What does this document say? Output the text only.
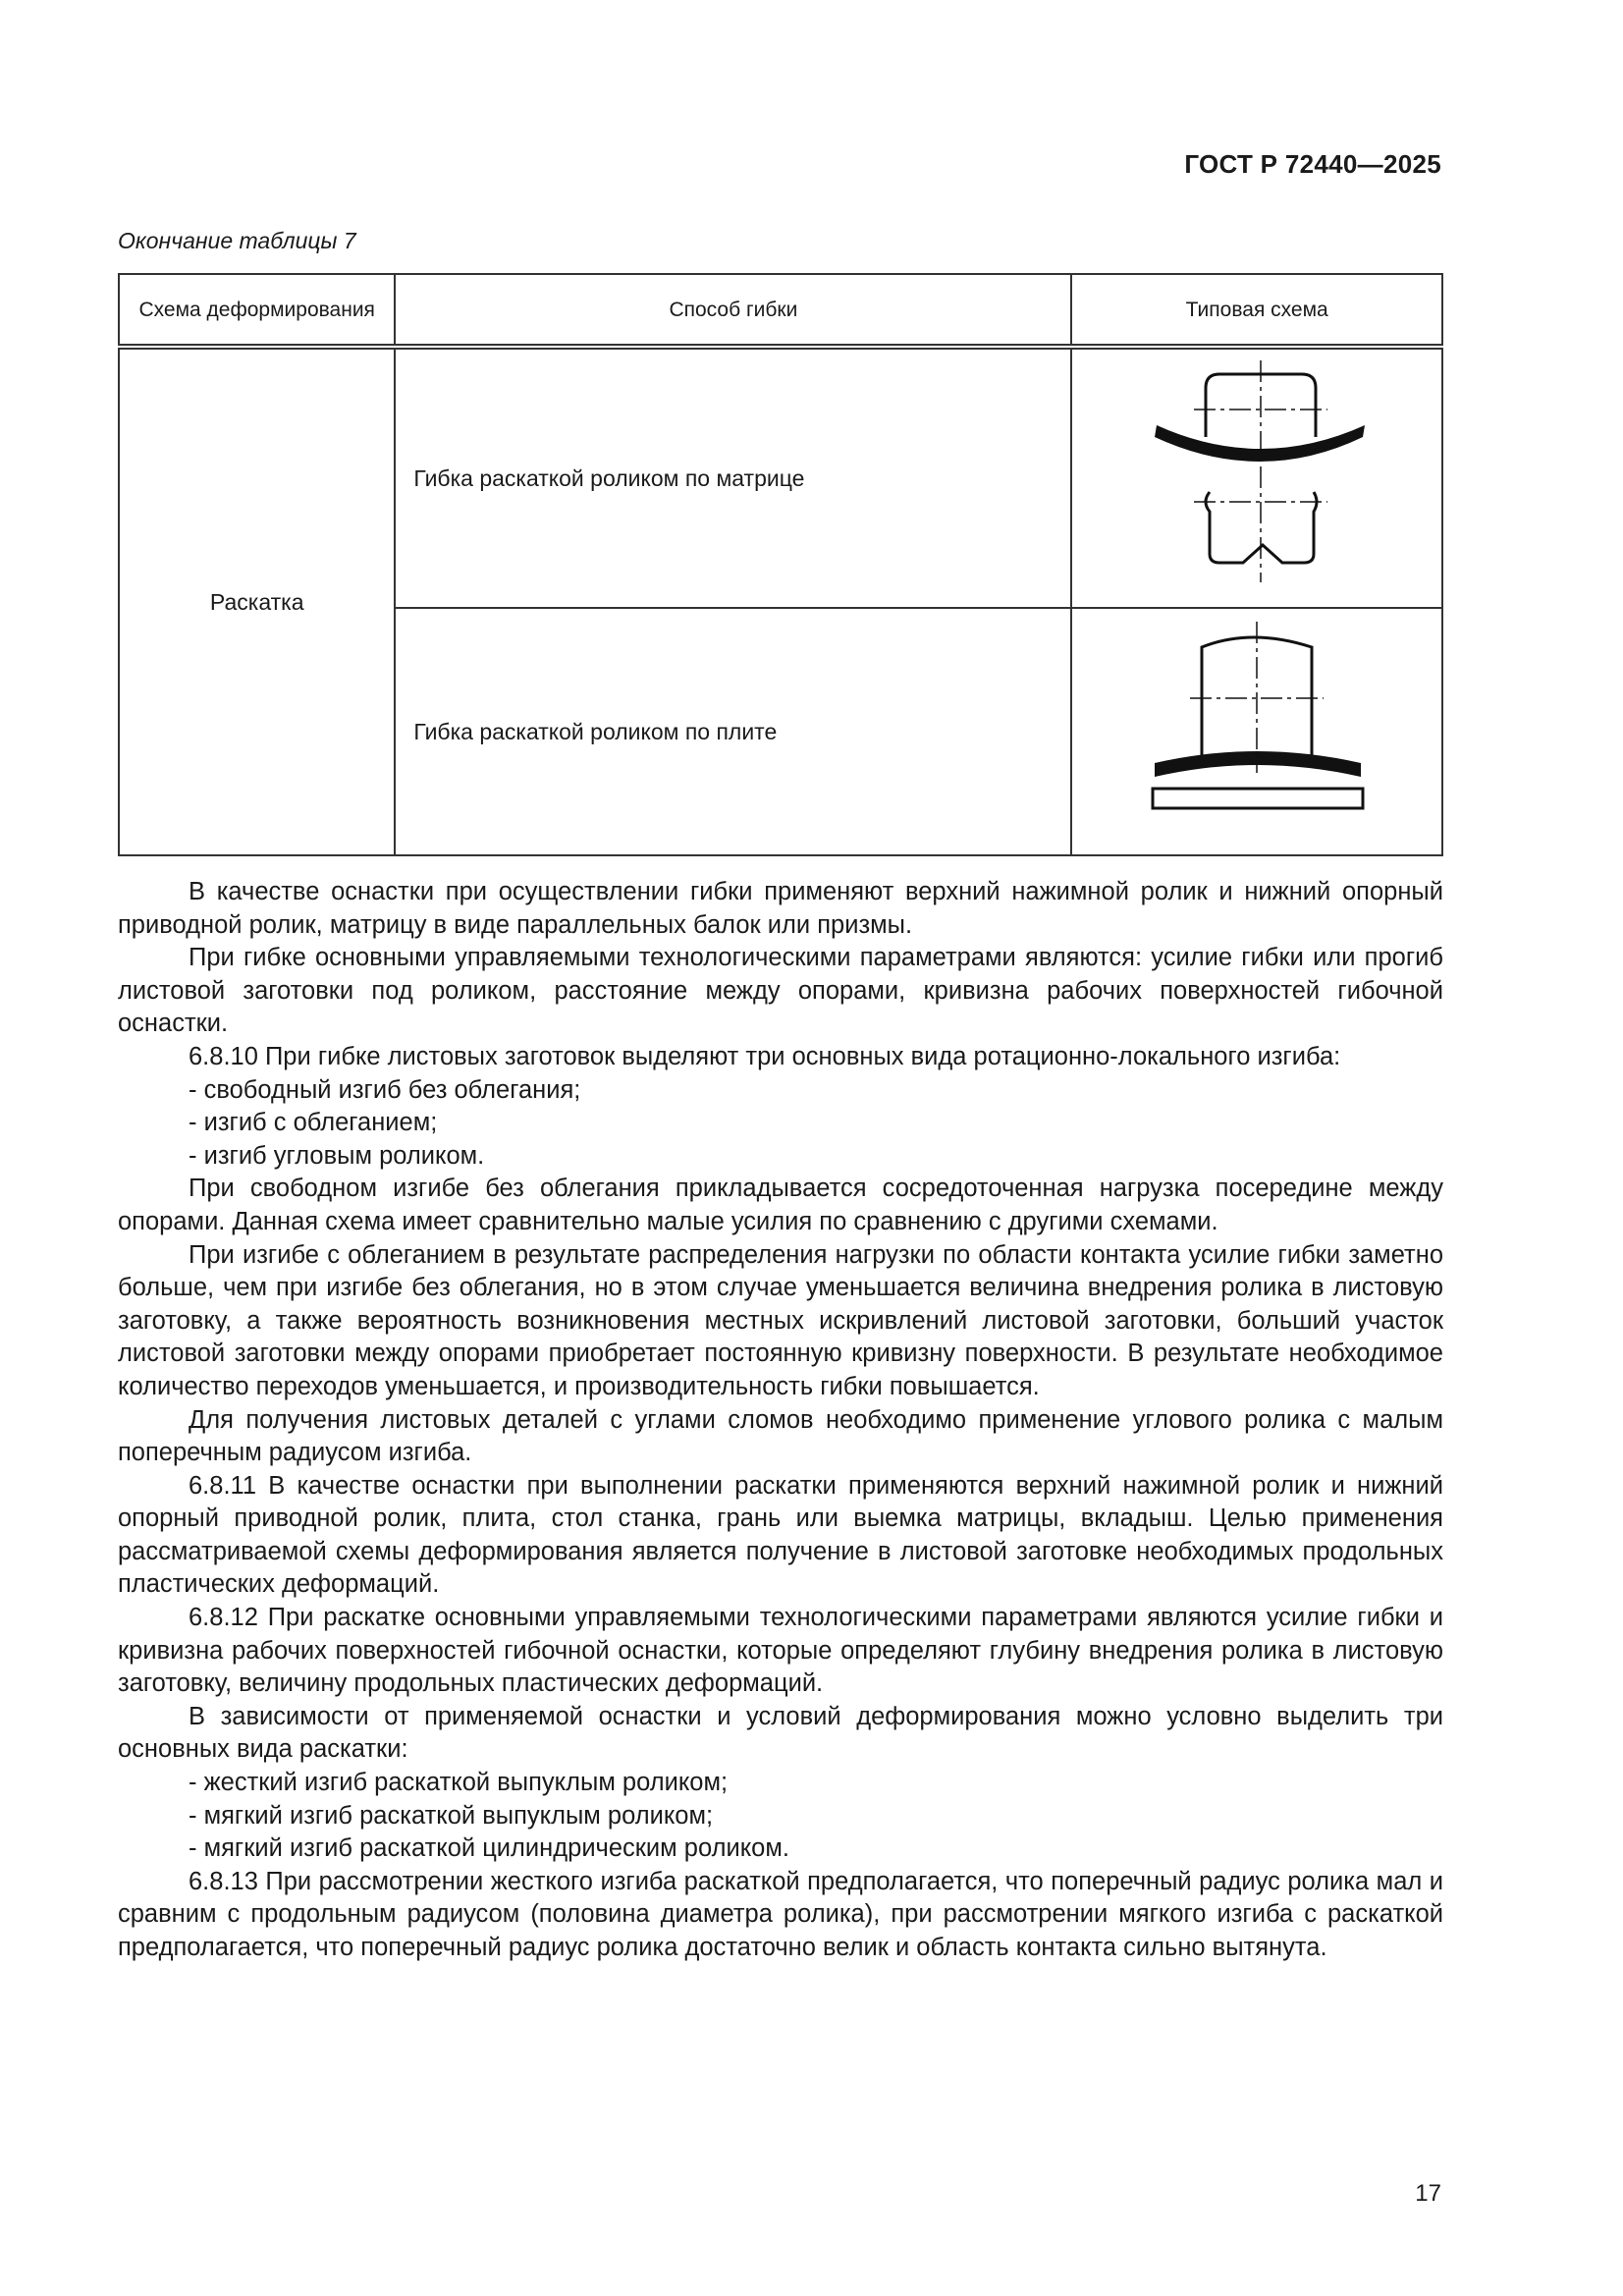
ГОСТ Р 72440—2025
Окончание таблицы 7
Схема деформирования	Способ гибки	Типовая схема
Раскатка	Гибка раскаткой роликом по матрице	
	Гибка раскаткой роликом по плите	

В качестве оснастки при осуществлении гибки применяют верхний нажимной ролик и нижний опорный приводной ролик, матрицу в виде параллельных балок или призмы.

При гибке основными управляемыми технологическими параметрами являются: усилие гибки или прогиб листовой заготовки под роликом, расстояние между опорами, кривизна рабочих поверхностей гибочной оснастки.

6.8.10 При гибке листовых заготовок выделяют три основных вида ротационно-локального изгиба:

- свободный изгиб без облегания;

- изгиб с облеганием;

- изгиб угловым роликом.

При свободном изгибе без облегания прикладывается сосредоточенная нагрузка посередине между опорами. Данная схема имеет сравнительно малые усилия по сравнению с другими схемами.

При изгибе с облеганием в результате распределения нагрузки по области контакта усилие гибки заметно больше, чем при изгибе без облегания, но в этом случае уменьшается величина внедрения ролика в листовую заготовку, а также вероятность возникновения местных искривлений листовой заготовки, больший участок листовой заготовки между опорами приобретает постоянную кривизну поверхности. В результате необходимое количество переходов уменьшается, и производительность гибки повышается.

Для получения листовых деталей с углами сломов необходимо применение углового ролика с малым поперечным радиусом изгиба.

6.8.11 В качестве оснастки при выполнении раскатки применяются верхний нажимной ролик и нижний опорный приводной ролик, плита, стол станка, грань или выемка матрицы, вкладыш. Целью применения рассматриваемой схемы деформирования является получение в листовой заготовке необходимых продольных пластических деформаций.

6.8.12 При раскатке основными управляемыми технологическими параметрами являются усилие гибки и кривизна рабочих поверхностей гибочной оснастки, которые определяют глубину внедрения ролика в листовую заготовку, величину продольных пластических деформаций.

В зависимости от применяемой оснастки и условий деформирования можно условно выделить три основных вида раскатки:

- жесткий изгиб раскаткой выпуклым роликом;

- мягкий изгиб раскаткой выпуклым роликом;

- мягкий изгиб раскаткой цилиндрическим роликом.

6.8.13 При рассмотрении жесткого изгиба раскаткой предполагается, что поперечный радиус ролика мал и сравним с продольным радиусом (половина диаметра ролика), при рассмотрении мягкого изгиба с раскаткой предполагается, что поперечный радиус ролика достаточно велик и область контакта сильно вытянута.

17
